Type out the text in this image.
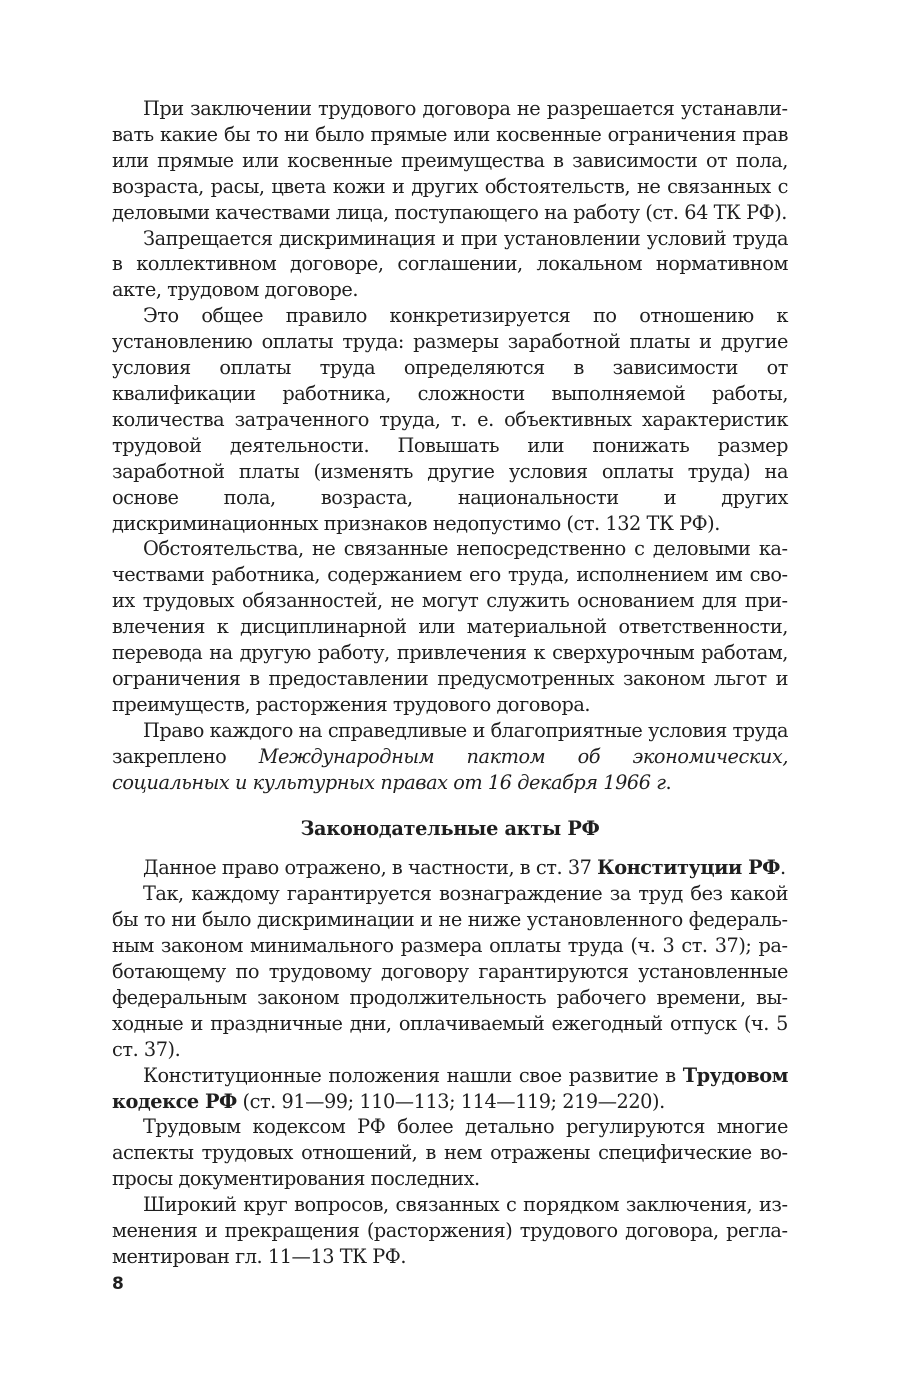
При заключении трудового договора не разрешается устанавливать какие бы то ни было прямые или косвенные ограничения прав или прямые или косвенные преимущества в зависимости от пола, возраста, расы, цвета кожи и других обстоятельств, не связанных с деловыми качествами лица, поступающего на работу (ст. 64 ТК РФ).

Запрещается дискриминация и при установлении условий труда в коллективном договоре, соглашении, локальном нормативном акте, трудовом договоре.

Это общее правило конкретизируется по отношению к установлению оплаты труда: размеры заработной платы и другие условия оплаты труда определяются в зависимости от квалификации работника, сложности выполняемой работы, количества затраченного труда, т. е. объективных характеристик трудовой деятельности. Повышать или понижать размер заработной платы (изменять другие условия оплаты труда) на основе пола, возраста, национальности и других дискриминационных признаков недопустимо (ст. 132 ТК РФ).

Обстоятельства, не связанные непосредственно с деловыми качествами работника, содержанием его труда, исполнением им своих трудовых обязанностей, не могут служить основанием для привлечения к дисциплинарной или материальной ответственности, перевода на другую работу, привлечения к сверхурочным работам, ограничения в предоставлении предусмотренных законом льгот и преимуществ, расторжения трудового договора.

Право каждого на справедливые и благоприятные условия труда закреплено Международным пактом об экономических, социальных и культурных правах от 16 декабря 1966 г.

Законодательные акты РФ

Данное право отражено, в частности, в ст. 37 Конституции РФ.

Так, каждому гарантируется вознаграждение за труд без какой бы то ни было дискриминации и не ниже установленного федеральным законом минимального размера оплаты труда (ч. 3 ст. 37); работающему по трудовому договору гарантируются установленные федеральным законом продолжительность рабочего времени, выходные и праздничные дни, оплачиваемый ежегодный отпуск (ч. 5 ст. 37).

Конституционные положения нашли свое развитие в Трудовом кодексе РФ (ст. 91—99; 110—113; 114—119; 219—220).

Трудовым кодексом РФ более детально регулируются многие аспекты трудовых отношений, в нем отражены специфические вопросы документирования последних.

Широкий круг вопросов, связанных с порядком заключения, изменения и прекращения (расторжения) трудового договора, регламентирован гл. 11—13 ТК РФ.

8
